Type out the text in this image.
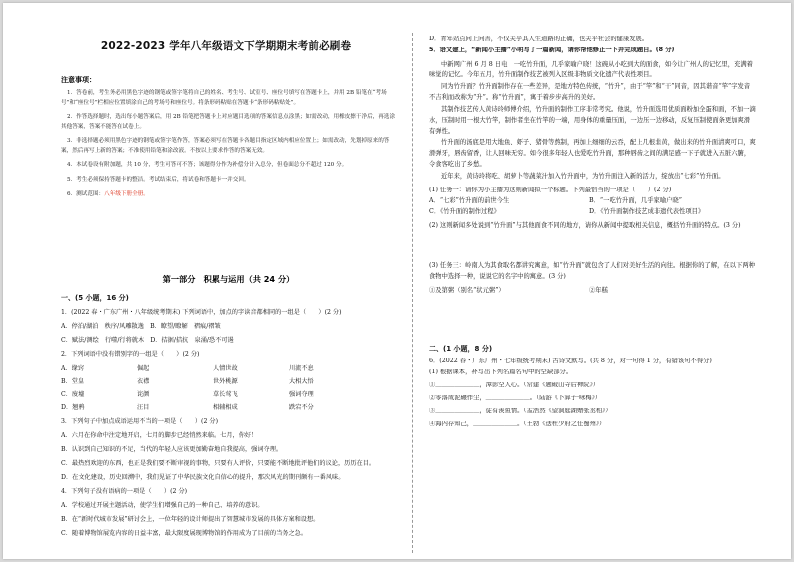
2022-2023 学年八年级语文下学期期末考前必刷卷
注意事项：

1．答卷前，考生务必用黑色字迹的钢笔或签字笔将自己的姓名、考生号、试室号、座位号填写在答题卡上，并用 2B 铅笔在“考场号”和“座位号”栏相应位置填涂自己的考场号和座位号。将条形码粘贴在答题卡“条形码粘贴处”。

2．作答选择题时，选出每小题答案后，用 2B 铅笔把答题卡上对应题目选项的答案信息点涂黑；如需改动，用橡皮擦干净后，再选涂其他答案，答案不能答在试卷上。

3．非选择题必须用黑色字迹的钢笔或签字笔作答，答案必须写在答题卡各题目指定区域内相应位置上；如需改动，先划掉原来的答案，然后再写上新的答案；不准使用铅笔和涂改液。不按以上要求作答的答案无效。

4．本试卷设有附加题，共 10 分，考生可答可不答；该题得分作为补偿分计入总分，但卷面总分不超过 120 分。

5．考生必须保持答题卡的整洁。考试结束后，将试卷和答题卡一并交回。

6．测试范围：八年级下册全册。

第一部分　积累与运用（共 24 分）
一、(5 小题，16 分)
1．(2022 春・广东广州・八年级统考期末) 下列词语中，加点的字读音都相同的一组是（　　）(2 分)
A．停泊/湖泊　秩序/风雕散逸　B．瞭望/瞭解　褶痕/褶皱
C．赋法/测绘　行噬/行将就木　D．拮据/拮抗　泉涌/恐不可遏
2．下列词语中没有错别字的一组是（　　）(2 分)
A．缘窍	倔起	人情世故	川流不息
B．堂皇	衣襟	世外桃源	大相大悟
C．废墟	诧颜	草长莺飞	强词夺理
D．翘鸦	汪目	相辅相成	跌宕不分
3．下列句子中加点成语运用不当的一项是（　　）(2 分)
A．六月在你命中注定地开启，七月的脚步已经悄然来临。七月，你好！
B．认识到自己知识的不足，当代的年轻人应该更加勤奋地自我提高，强词夺理。
C．最热烈欢迎的东西，也正是我们要不断审视的事物，只要有人评价，只要能不断地批评他们的议论，历历在目。
D．在文化建设，历史回溯中，我们见证了中华民族文化自信心的提升，那次风光的期刊颇有一番风味。
4．下列句子没有语病的一项是（　　）(2 分)
A．学校通过开展主题活动，使学生们增强自己的一种自己、培养的意识。
B．在“新时代城市发展”研讨会上，一位年轻的设计师提出了智慧城市发展的具体方案和设想。
C．随着博物馆展览内容的日益丰富，最大限度展现博物馆的作用成为了目前的当务之急。
D．青年站点向上向善，不仅关乎其人生道路的正确，也关乎社会的健康发展。
5．语文建上，“新闻小主播”小明写了一篇新闻，请你帮他修正一下并完成题目。(8 分)
中新网广州 6 月 8 日电　一吃竹升面，几乎家喻户晓！这碗从小吃到大的面食，如今让广州人的记忆里，充满着味觉的记忆。今年五月，竹升面制作技艺被列入区级非物质文化遗产代表性项目。
同为竹升面？竹升面制作存在一些差异，是地方特色传统，“竹升”，由于“竿”和“干”同音，因其谐音“竿”字发音不吉利而改称为“升”。称“竹升面”，寓于着步步高升的美好。
其制作技艺传人黄诗玲师傅介绍，竹升面的制作工序非常考究。他说，竹升面选用优质面粉加全蛋和面，不加一滴水，压制时用一根大竹竿，制作者坐在竹竿的一端，用身体的重量压面，一边压一边移动，反复压制使面条更加爽滑有弹性。
竹升面的汤底是用大地鱼、虾子、猪骨等熬制，再加上细细的云吞，配上几根韭黄，做出来的竹升面清爽可口，爽滑弹牙，唇齿留香，让人回味无穷。如今很多年轻人也爱吃竹升面，那种唇齿之间的满足感一下子就进入五脏六腑，令食客吃出了乡愁。
近年来，黄诗玲将吃、胡萝卜等蔬菜汁加入竹升面中，为竹升面注入新的活力，绽放出“七彩”竹升面。
(1) 任务一：请你为小主播为这则新闻拟一个标题。下列最恰当的一项是（　　）(2 分)
A．“七彩”竹升面的前世今生	B．“一吃竹升面，几乎家喻户晓”
C．《竹升面的制作过程》	D．《竹升面制作技艺成非遗代表性项目》
(2) 这则新闻多处说到“竹升面”与其他面食不同的地方，请你从新闻中提取相关信息，概括竹升面的特点。(3 分)
(3) 任务三：岭南人为其食取名都讲究寓意，如“竹升面”就包含了人们对美好生活的向往。根据你的了解，在以下两种食物中选择一种，说说它的名字中的寓意。(3 分)
①及第粥（别名“状元粥”）	②年糕
二、(1 小题，8 分)
6．(2022 春・广东广州・七年级统考期末) 古诗文默写。(共 8 分，对一句得 1 分，有错该句不得分)
(1) 根据课本，补写出下列名篇名句中的空缺部分。
①＿＿＿＿＿＿＿，潭影空人心。（常建《题破山寺后禅院》）
②零落成泥碾作尘，＿＿＿＿＿＿＿。（陆游《卜算子·咏梅》）
③＿＿＿＿＿＿＿，徒有羡鱼情。（孟浩然《望洞庭湖赠张丞相》）
④海内存知己，＿＿＿＿＿＿＿。（王勃《送杜少府之任蜀州》）
